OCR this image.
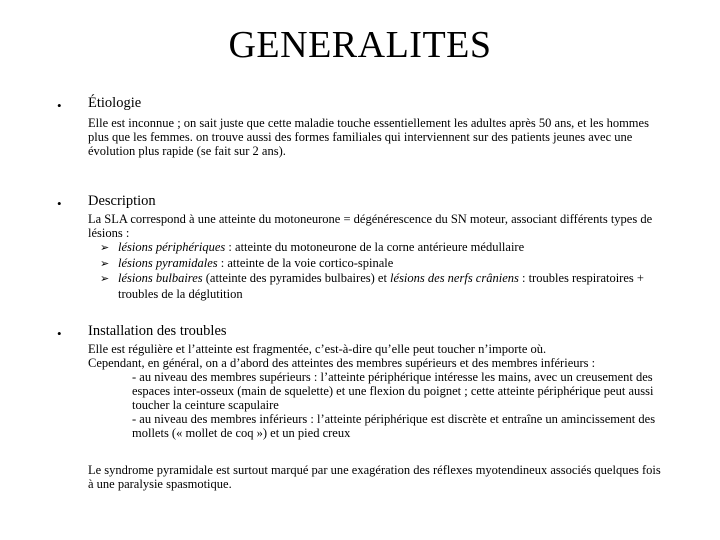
GENERALITES
• Étiologie

Elle est inconnue ; on sait juste que cette maladie touche essentiellement les adultes après 50 ans, et les hommes plus que les femmes. on trouve aussi des formes familiales qui interviennent sur des patients jeunes avec une évolution plus rapide (se fait sur 2 ans).

• Description

La SLA correspond à une atteinte du motoneurone = dégénérescence du SN moteur, associant différents types de lésions :

➢ lésions périphériques : atteinte du motoneurone de la corne antérieure médullaire

➢ lésions pyramidales : atteinte de la voie cortico-spinale

➢ lésions bulbaires (atteinte des pyramides bulbaires) et lésions des nerfs crâniens : troubles respiratoires + troubles de la déglutition

• Installation des troubles

Elle est régulière et l’atteinte est fragmentée, c’est-à-dire qu’elle peut toucher n’importe où.

Cependant, en général, on a d’abord des atteintes des membres supérieurs et des membres inférieurs :

- au niveau des membres supérieurs : l’atteinte périphérique intéresse les mains, avec un creusement des espaces inter-osseux (main de squelette) et une flexion du poignet ; cette atteinte périphérique peut aussi toucher la ceinture scapulaire

- au niveau des membres inférieurs : l’atteinte périphérique est discrète et entraîne un amincissement des mollets (« mollet de coq ») et un pied creux

Le syndrome pyramidale est surtout marqué par une exagération des réflexes myotendineux associés quelques fois à une paralysie spasmotique.
